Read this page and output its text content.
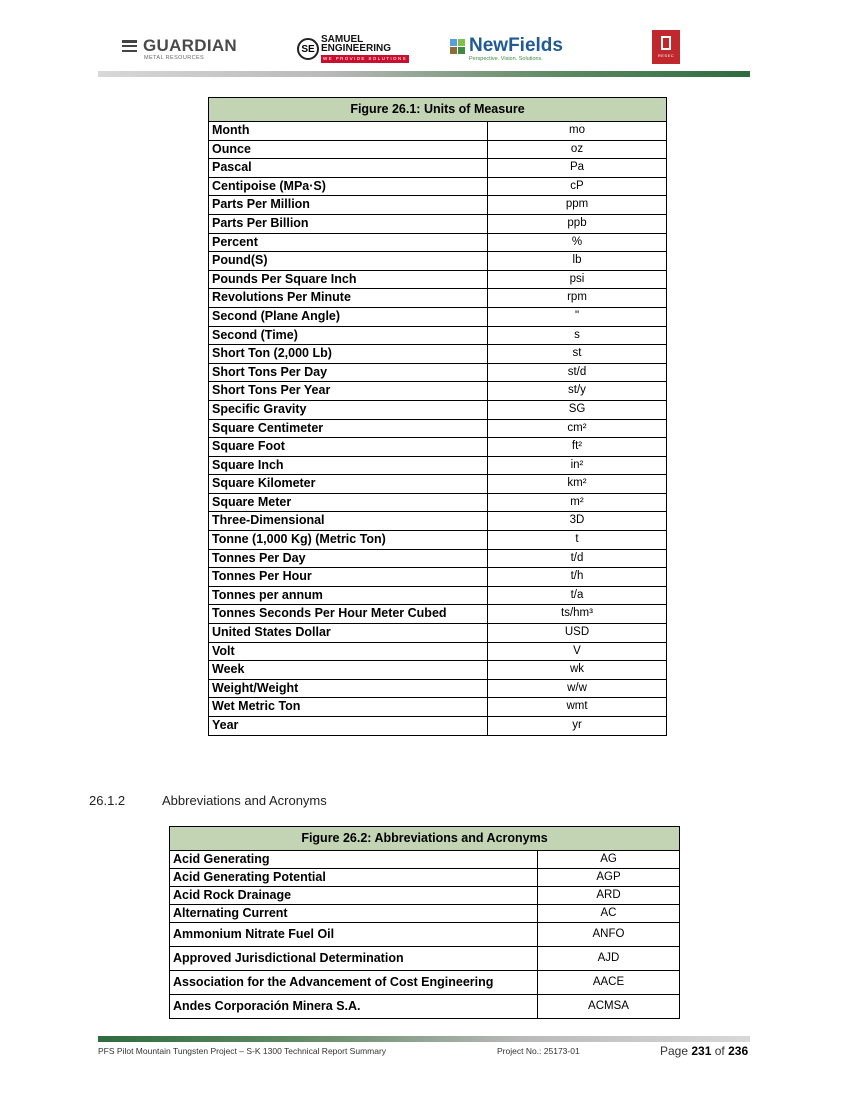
GUARDIAN
METAL RESOURCES
SE
SAMUEL
ENGINEERING
WE PROVIDE SOLUTIONS
NewFields
Perspective. Vision. Solutions.
RESEC
Figure 26.1: Units of Measure	
Month	mo
Ounce	oz
Pascal	Pa
Centipoise (MPa·S)	cP
Parts Per Million	ppm
Parts Per Billion	ppb
Percent	%
Pound(S)	lb
Pounds Per Square Inch	psi
Revolutions Per Minute	rpm
Second (Plane Angle)	"
Second (Time)	s
Short Ton (2,000 Lb)	st
Short Tons Per Day	st/d
Short Tons Per Year	st/y
Specific Gravity	SG
Square Centimeter	cm²
Square Foot	ft²
Square Inch	in²
Square Kilometer	km²
Square Meter	m²
Three-Dimensional	3D
Tonne (1,000 Kg) (Metric Ton)	t
Tonnes Per Day	t/d
Tonnes Per Hour	t/h
Tonnes per annum	t/a
Tonnes Seconds Per Hour Meter Cubed	ts/hm³
United States Dollar	USD
Volt	V
Week	wk
Weight/Weight	w/w
Wet Metric Ton	wmt
Year	yr
26.1.2	Abbreviations and Acronyms
Figure 26.2: Abbreviations and Acronyms	
Acid Generating	AG
Acid Generating Potential	AGP
Acid Rock Drainage	ARD
Alternating Current	AC
Ammonium Nitrate Fuel Oil	ANFO
Approved Jurisdictional Determination	AJD
Association for the Advancement of Cost Engineering	AACE
Andes Corporación Minera S.A.	ACMSA
PFS Pilot Mountain Tungsten Project – S-K 1300 Technical Report Summary	Project No.: 25173-01	Page 231 of 236
